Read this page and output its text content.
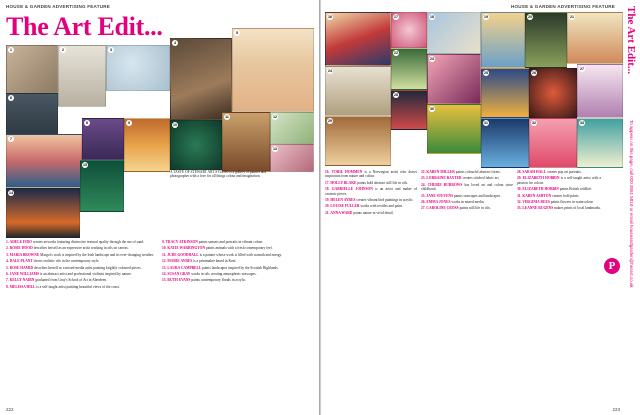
HOUSE & GARDEN ADVERTISING FEATURE
The Art Edit...
1	2	3
4
5
6
7
8	9	10
11	12
13
14
15
A TASTE OF STEWART ART STUDIO is a gallery of painter and photographer with a love for all things colour and imagination.
1. ADELE FIDO creates artworks featuring distinctive textural quality through the use of sand.
2. ROSIE HOOD describes herself as an expressive artist working in oils on canvas.
3. MARIA BROWNE Margot's work is inspired by the Irish landscape and its ever-changing weather.
4. DALE PLANT shows realistic oils in the contemporary style.
5. ROSE HAMID describes herself as a mixed-media artist painting brightly coloured pieces.
6. JANE WILLIAMS is an abstract artist and professional violinist inspired by nature.
7. KELLY NAIRN graduated from Gray's School of Art in Aberdeen.
8. MELISSA HILL is a self-taught artist painting beautiful views of the coast.
9. TRACY ATKINSON paints sunsets and portraits in vibrant colour.
10. KATIE WARRINGTON paints animals with a fresh contemporary feel.
11. JUDE GOODHALL is a painter whose work is filled with warmth and energy.
12. MARIE AYRES is a printmaker based in Kent.
13. LAURA CAMPBELL paints landscapes inspired by the Scottish Highlands.
14. SUSAN GRAY works in oils creating atmospheric seascapes.
15. RUTH EVANS paints contemporary florals in acrylic.
222
HOUSE & GARDEN ADVERTISING FEATURE
16	17	18	19	20	21
22
23
24	25	26
27
28
29
30
31	32	33
16. TORIL HOMMEN is a Norwegian artist who draws inspiration from nature and colour.
17. HOLLY BLAKE paints bold abstract still life in oils.
18. GABRIELLE JOHNSON is an artist and maker of ceramic pieces.
19. HELEN AYRES creates vibrant bird paintings in acrylic.
20. LOUISE FULLER works with textiles and paint.
21. ANNA WARD paints nature in vivid detail.
22. KAREN MILLER paints colourful abstract forms.
23. LORRAINE BAXTER creates stitched fabric art.
24. CHERIE BURROWS has loved art and colour since childhood.
25. JANE STEVENS paints seascapes and landscapes.
26. EMMA JONES works in mixed media.
27. CAROLINE CROSS paints still life in oils.
28. SARAH HALL creates pop art portraits.
29. ELIZABETH HOBBIN is a self-taught artist with a passion for colour.
30. ELIZABETH HOBBIN paints British wildlife.
31. KAREN ASHTON creates bold prints.
32. VIRGINIA REES paints flowers in watercolour.
33. LEANNE RUGENS makes prints of local landmarks.
P
The Art Edit...
To appear on this page, call 020 3551 5810 or email houseandgarden@hearst.co.uk
223
